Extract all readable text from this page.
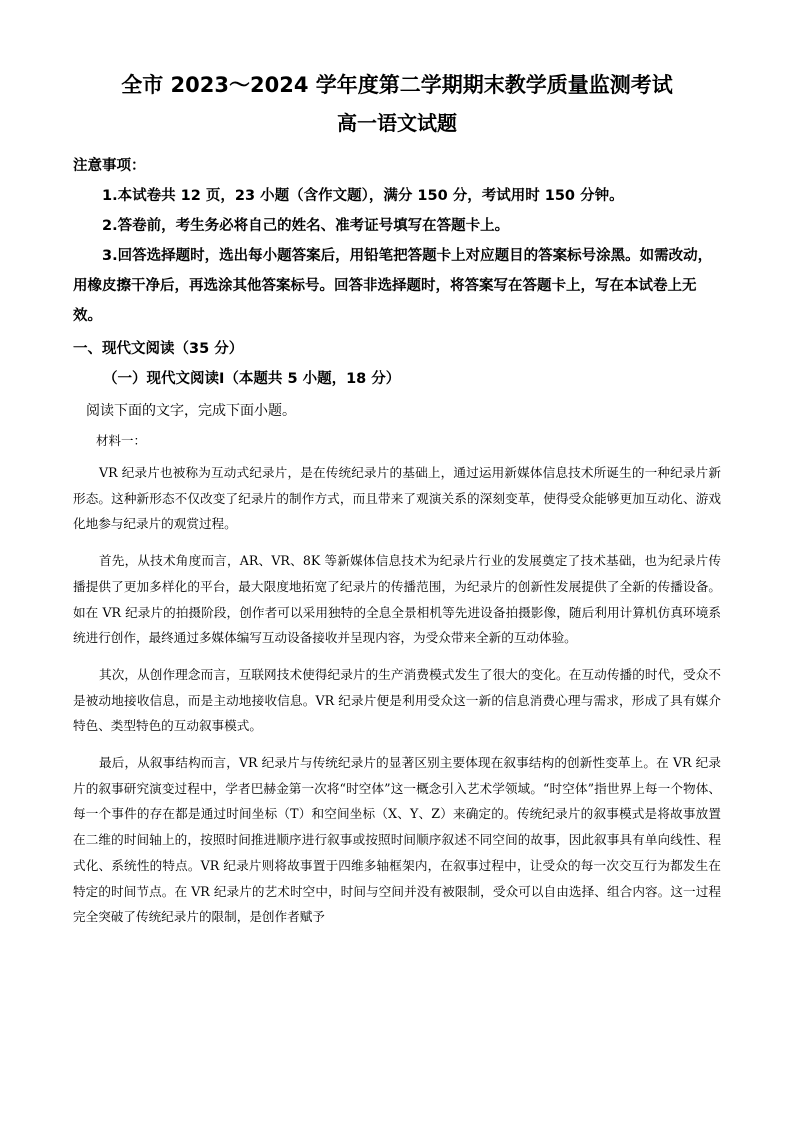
全市 2023～2024 学年度第二学期期末教学质量监测考试
高一语文试题

注意事项：

1.本试卷共 12 页，23 小题（含作文题），满分 150 分，考试用时 150 分钟。

2.答卷前，考生务必将自己的姓名、准考证号填写在答题卡上。

3.回答选择题时，选出每小题答案后，用铅笔把答题卡上对应题目的答案标号涂黑。如需改动，用橡皮擦干净后，再选涂其他答案标号。回答非选择题时，将答案写在答题卡上，写在本试卷上无效。

一、现代文阅读（35 分）
（一）现代文阅读Ⅰ（本题共 5 小题，18 分）
阅读下面的文字，完成下面小题。
材料一：

VR 纪录片也被称为互动式纪录片，是在传统纪录片的基础上，通过运用新媒体信息技术所诞生的一种纪录片新形态。这种新形态不仅改变了纪录片的制作方式，而且带来了观演关系的深刻变革，使得受众能够更加互动化、游戏化地参与纪录片的观赏过程。

首先，从技术角度而言，AR、VR、8K 等新媒体信息技术为纪录片行业的发展奠定了技术基础，也为纪录片传播提供了更加多样化的平台，最大限度地拓宽了纪录片的传播范围，为纪录片的创新性发展提供了全新的传播设备。如在 VR 纪录片的拍摄阶段，创作者可以采用独特的全息全景相机等先进设备拍摄影像，随后利用计算机仿真环境系统进行创作，最终通过多媒体编写互动设备接收并呈现内容，为受众带来全新的互动体验。

其次，从创作理念而言，互联网技术使得纪录片的生产消费模式发生了很大的变化。在互动传播的时代，受众不是被动地接收信息，而是主动地接收信息。VR 纪录片便是利用受众这一新的信息消费心理与需求，形成了具有媒介特色、类型特色的互动叙事模式。

最后，从叙事结构而言，VR 纪录片与传统纪录片的显著区别主要体现在叙事结构的创新性变革上。在 VR 纪录片的叙事研究演变过程中，学者巴赫金第一次将“时空体”这一概念引入艺术学领域。“时空体”指世界上每一个物体、每一个事件的存在都是通过时间坐标（T）和空间坐标（X、Y、Z）来确定的。传统纪录片的叙事模式是将故事放置在二维的时间轴上的，按照时间推进顺序进行叙事或按照时间顺序叙述不同空间的故事，因此叙事具有单向线性、程式化、系统性的特点。VR 纪录片则将故事置于四维多轴框架内，在叙事过程中，让受众的每一次交互行为都发生在特定的时间节点。在 VR 纪录片的艺术时空中，时间与空间并没有被限制，受众可以自由选择、组合内容。这一过程完全突破了传统纪录片的限制，是创作者赋予
